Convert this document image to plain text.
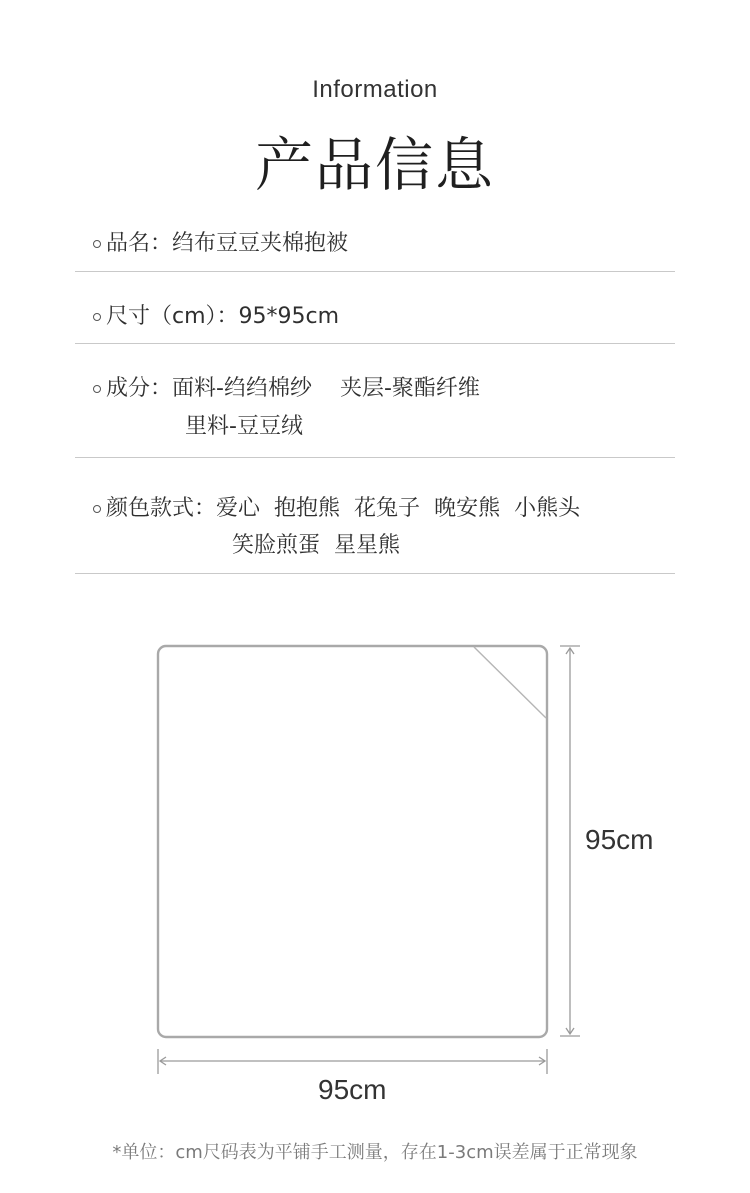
Information
产品信息
品名：绉布豆豆夹棉抱被
尺寸（cm）：95*95cm
成分：面料-绉绉棉纱 夹层-聚酯纤维
里料-豆豆绒
颜色款式：爱心 抱抱熊 花兔子 晚安熊 小熊头
笑脸煎蛋 星星熊
95cm
95cm
*单位：cm尺码表为平铺手工测量，存在1-3cm误差属于正常现象
